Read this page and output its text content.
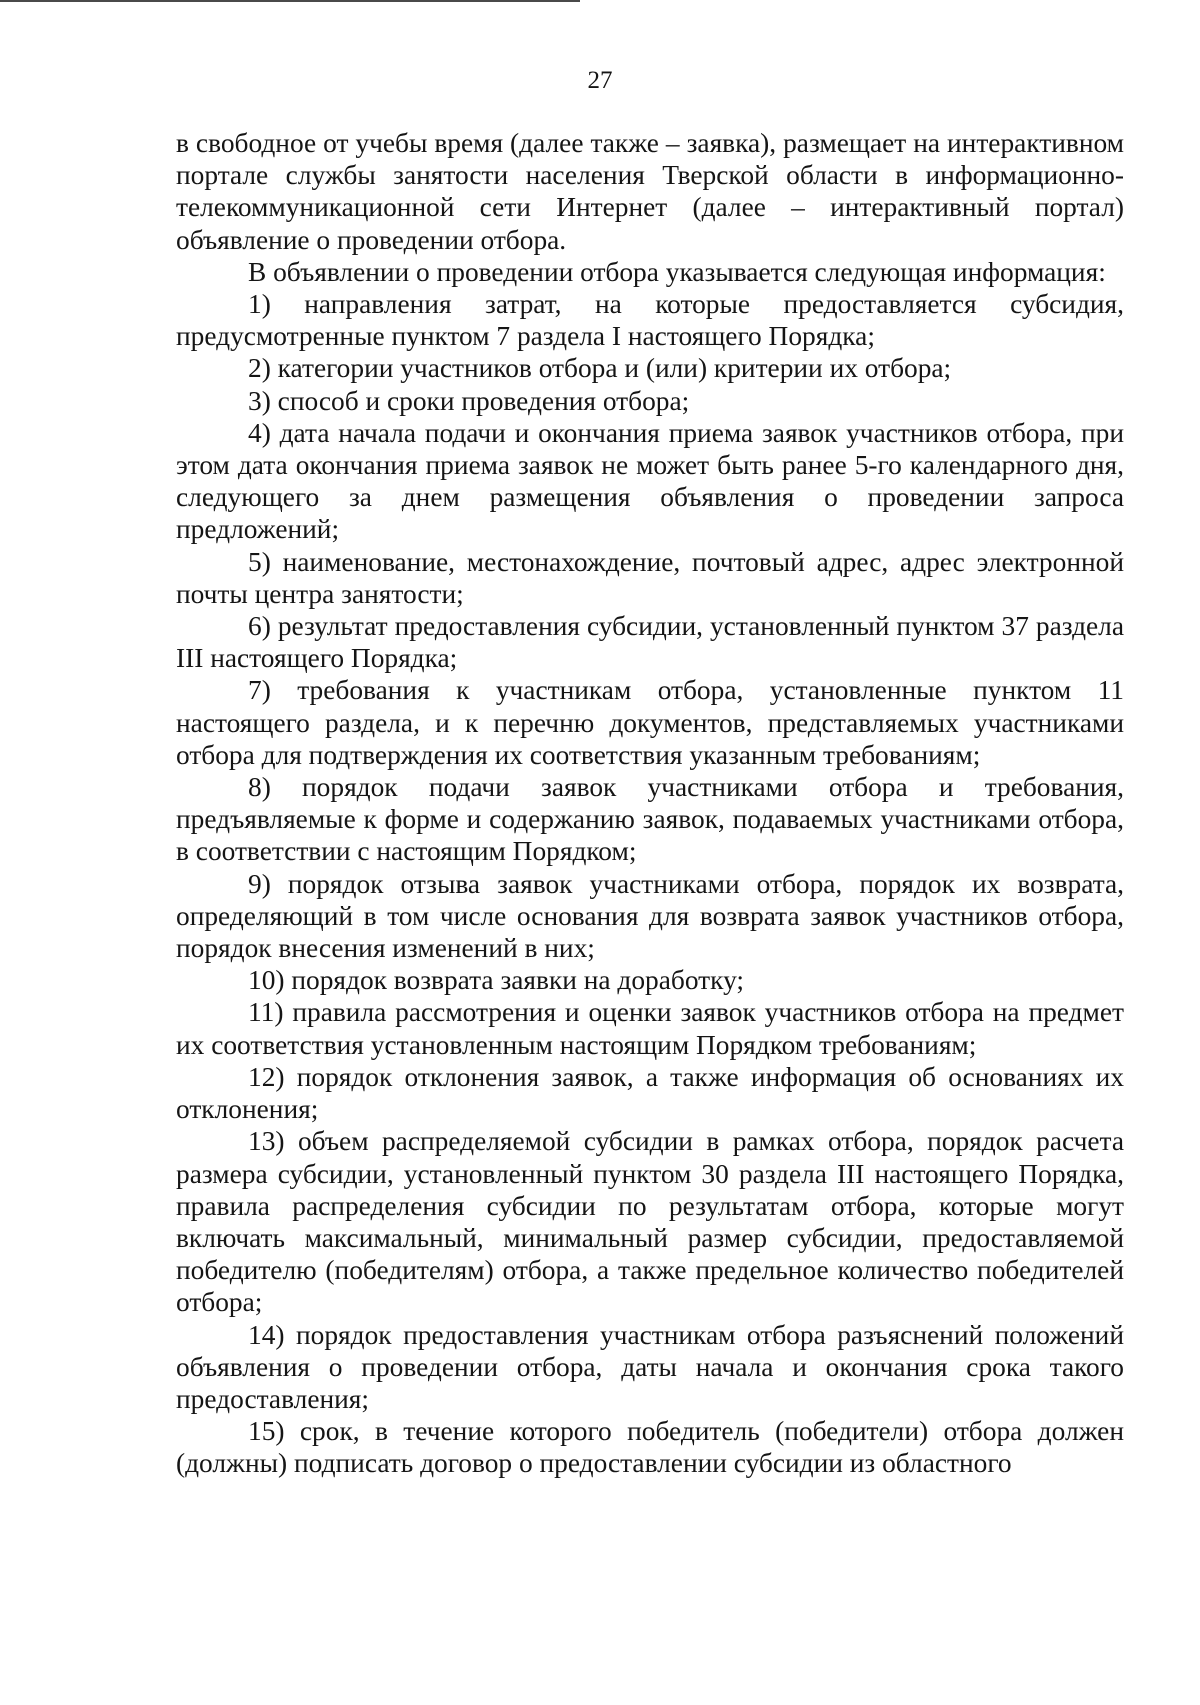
27

в свободное от учебы время (далее также – заявка), размещает на интерактивном портале службы занятости населения Тверской области в информационно-телекоммуникационной сети Интернет (далее – интерактивный портал) объявление о проведении отбора.

В объявлении о проведении отбора указывается следующая информация:

1) направления затрат, на которые предоставляется субсидия, предусмотренные пунктом 7 раздела I настоящего Порядка;

2) категории участников отбора и (или) критерии их отбора;

3) способ и сроки проведения отбора;

4) дата начала подачи и окончания приема заявок участников отбора, при этом дата окончания приема заявок не может быть ранее 5-го календарного дня, следующего за днем размещения объявления о проведении запроса предложений;

5) наименование, местонахождение, почтовый адрес, адрес электронной почты центра занятости;

6) результат предоставления субсидии, установленный пунктом 37 раздела III настоящего Порядка;

7) требования к участникам отбора, установленные пунктом 11 настоящего раздела, и к перечню документов, представляемых участниками отбора для подтверждения их соответствия указанным требованиям;

8) порядок подачи заявок участниками отбора и требования, предъявляемые к форме и содержанию заявок, подаваемых участниками отбора, в соответствии с настоящим Порядком;

9) порядок отзыва заявок участниками отбора, порядок их возврата, определяющий в том числе основания для возврата заявок участников отбора, порядок внесения изменений в них;

10) порядок возврата заявки на доработку;

11) правила рассмотрения и оценки заявок участников отбора на предмет их соответствия установленным настоящим Порядком требованиям;

12) порядок отклонения заявок, а также информация об основаниях их отклонения;

13) объем распределяемой субсидии в рамках отбора, порядок расчета размера субсидии, установленный пунктом 30 раздела III настоящего Порядка, правила распределения субсидии по результатам отбора, которые могут включать максимальный, минимальный размер субсидии, предоставляемой победителю (победителям) отбора, а также предельное количество победителей отбора;

14) порядок предоставления участникам отбора разъяснений положений объявления о проведении отбора, даты начала и окончания срока такого предоставления;

15) срок, в течение которого победитель (победители) отбора должен (должны) подписать договор о предоставлении субсидии из областного
